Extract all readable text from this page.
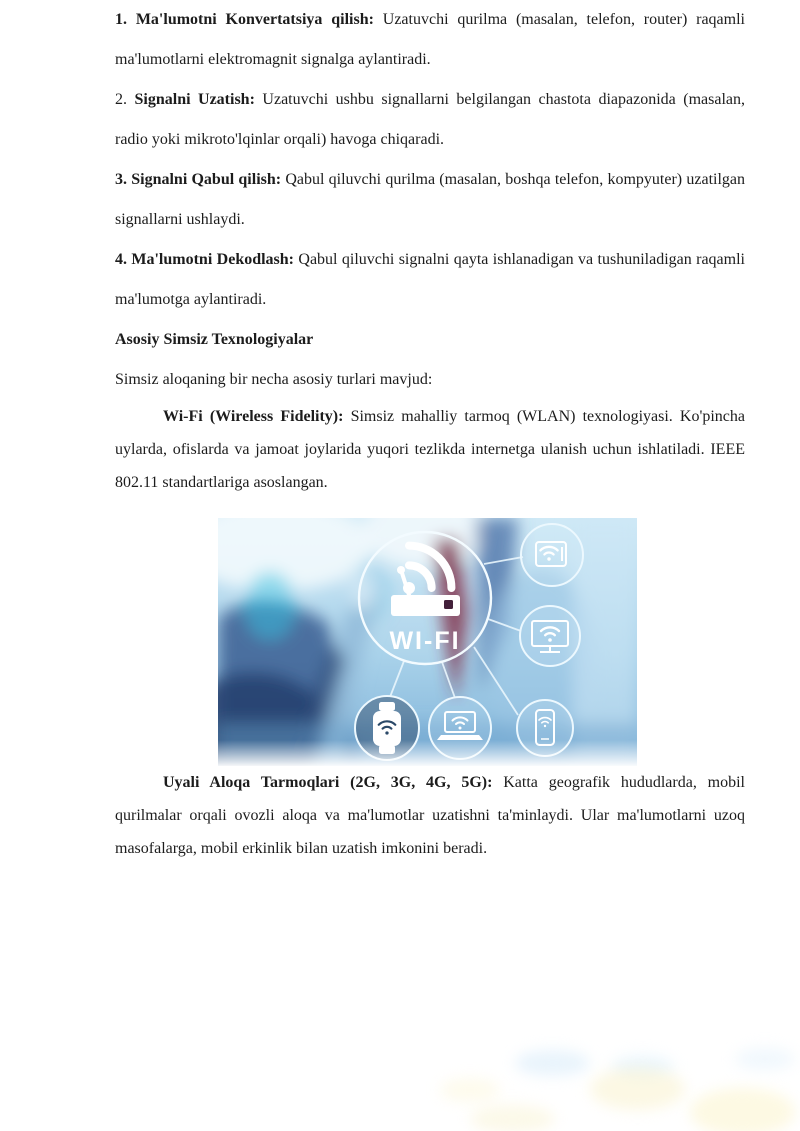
1. Ma'lumotni Konvertatsiya qilish: Uzatuvchi qurilma (masalan, telefon, router) raqamli ma'lumotlarni elektromagnit signalga aylantiradi.

2. Signalni Uzatish: Uzatuvchi ushbu signallarni belgilangan chastota diapazonida (masalan, radio yoki mikroto'lqinlar orqali) havoga chiqaradi.

3. Signalni Qabul qilish: Qabul qiluvchi qurilma (masalan, boshqa telefon, kompyuter) uzatilgan signallarni ushlaydi.

4. Ma'lumotni Dekodlash: Qabul qiluvchi signalni qayta ishlanadigan va tushuniladigan raqamli ma'lumotga aylantiradi.

Asosiy Simsiz Texnologiyalar

Simsiz aloqaning bir necha asosiy turlari mavjud:

Wi-Fi (Wireless Fidelity): Simsiz mahalliy tarmoq (WLAN) texnologiyasi. Ko'pincha uylarda, ofislarda va jamoat joylarida yuqori tezlikda internetga ulanish uchun ishlatiladi. IEEE 802.11 standartlariga asoslangan.

WI-FI

Uyali Aloqa Tarmoqlari (2G, 3G, 4G, 5G): Katta geografik hududlarda, mobil qurilmalar orqali ovozli aloqa va ma'lumotlar uzatishni ta'minlaydi. Ular ma'lumotlarni uzoq masofalarga, mobil erkinlik bilan uzatish imkonini beradi.
